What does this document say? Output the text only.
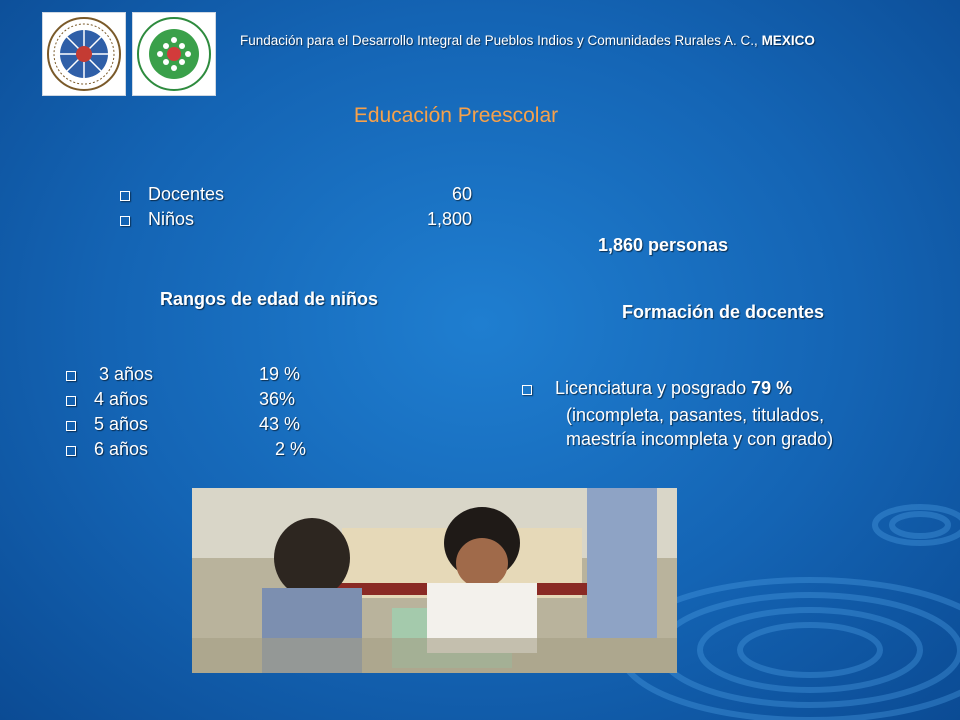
Fundación para el Desarrollo Integral de Pueblos Indios y Comunidades Rurales A. C., MEXICO
Educación Preescolar
Docentes	60
Niños	1,800
1,860 personas
Rangos de edad de niños
Formación de docentes
3 años	19 %
4 años	36%
5 años	43 %
6 años	2 %
Licenciatura y posgrado 79 %
(incompleta, pasantes, titulados,
maestría incompleta y con grado)
